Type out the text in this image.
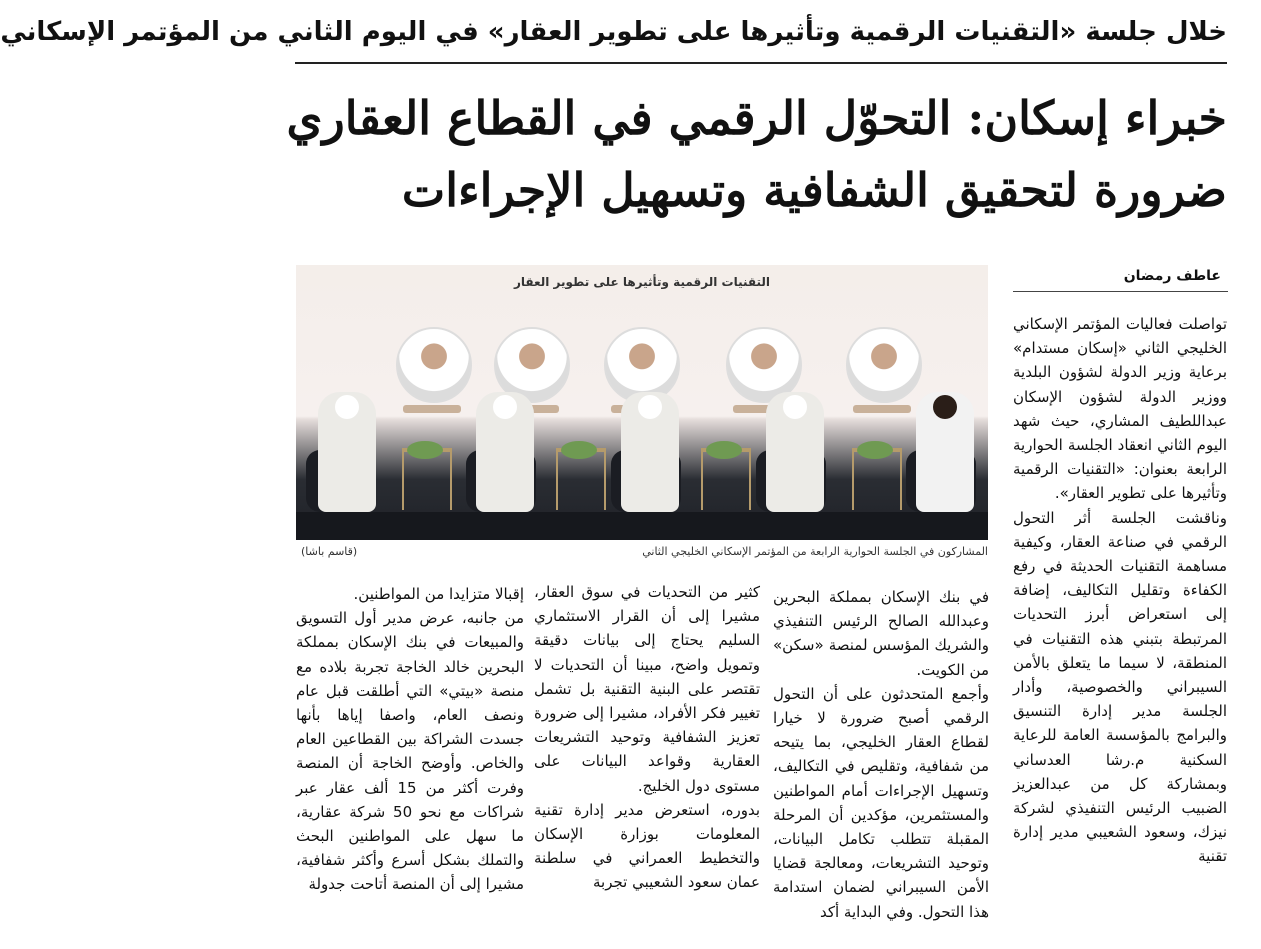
خلال جلسة «التقنيات الرقمية وتأثيرها على تطوير العقار» في اليوم الثاني من المؤتمر الإسكاني
خبراء إسكان: التحوّل الرقمي في القطاع العقاري
ضرورة لتحقيق الشفافية وتسهيل الإجراءات
التقنيات الرقمية وتأثيرها على تطوير العقار
المشاركون في الجلسة الحوارية الرابعة من المؤتمر الإسكاني الخليجي الثاني
(قاسم باشا)
عاطف رمضان

تواصلت فعاليات المؤتمر الإسكاني الخليجي الثاني «إسكان مستدام» برعاية وزير الدولة لشؤون البلدية ووزير الدولة لشؤون الإسكان عبداللطيف المشاري، حيث شهد اليوم الثاني انعقاد الجلسة الحوارية الرابعة بعنوان: «التقنيات الرقمية وتأثيرها على تطوير العقار».

وناقشت الجلسة أثر التحول الرقمي في صناعة العقار، وكيفية مساهمة التقنيات الحديثة في رفع الكفاءة وتقليل التكاليف، إضافة إلى استعراض أبرز التحديات المرتبطة بتبني هذه التقنيات في المنطقة، لا سيما ما يتعلق بالأمن السيبراني والخصوصية، وأدار الجلسة مدير إدارة التنسيق والبرامج بالمؤسسة العامة للرعاية السكنية م.رشا العدساني وبمشاركة كل من عبدالعزيز الضبيب الرئيس التنفيذي لشركة نيزك، وسعود الشعيبي مدير إدارة تقنية

في بنك الإسكان بمملكة البحرين وعبدالله الصالح الرئيس التنفيذي والشريك المؤسس لمنصة «سكن» من الكويت.

وأجمع المتحدثون على أن التحول الرقمي أصبح ضرورة لا خيارا لقطاع العقار الخليجي، بما يتيحه من شفافية، وتقليص في التكاليف، وتسهيل الإجراءات أمام المواطنين والمستثمرين، مؤكدين أن المرحلة المقبلة تتطلب تكامل البيانات، وتوحيد التشريعات، ومعالجة قضايا الأمن السيبراني لضمان استدامة هذا التحول. وفي البداية أكد

كثير من التحديات في سوق العقار، مشيرا إلى أن القرار الاستثماري السليم يحتاج إلى بيانات دقيقة وتمويل واضح، مبينا أن التحديات لا تقتصر على البنية التقنية بل تشمل تغيير فكر الأفراد، مشيرا إلى ضرورة تعزيز الشفافية وتوحيد التشريعات العقارية وقواعد البيانات على مستوى دول الخليج.

بدوره، استعرض مدير إدارة تقنية المعلومات بوزارة الإسكان والتخطيط العمراني في سلطنة عمان سعود الشعيبي تجربة

إقبالا متزايدا من المواطنين.

من جانبه، عرض مدير أول التسويق والمبيعات في بنك الإسكان بمملكة البحرين خالد الخاجة تجربة بلاده مع منصة «بيتي» التي أطلقت قبل عام ونصف العام، واصفا إياها بأنها جسدت الشراكة بين القطاعين العام والخاص. وأوضح الخاجة أن المنصة وفرت أكثر من 15 ألف عقار عبر شراكات مع نحو 50 شركة عقارية، ما سهل على المواطنين البحث والتملك بشكل أسرع وأكثر شفافية، مشيرا إلى أن المنصة أتاحت جدولة
